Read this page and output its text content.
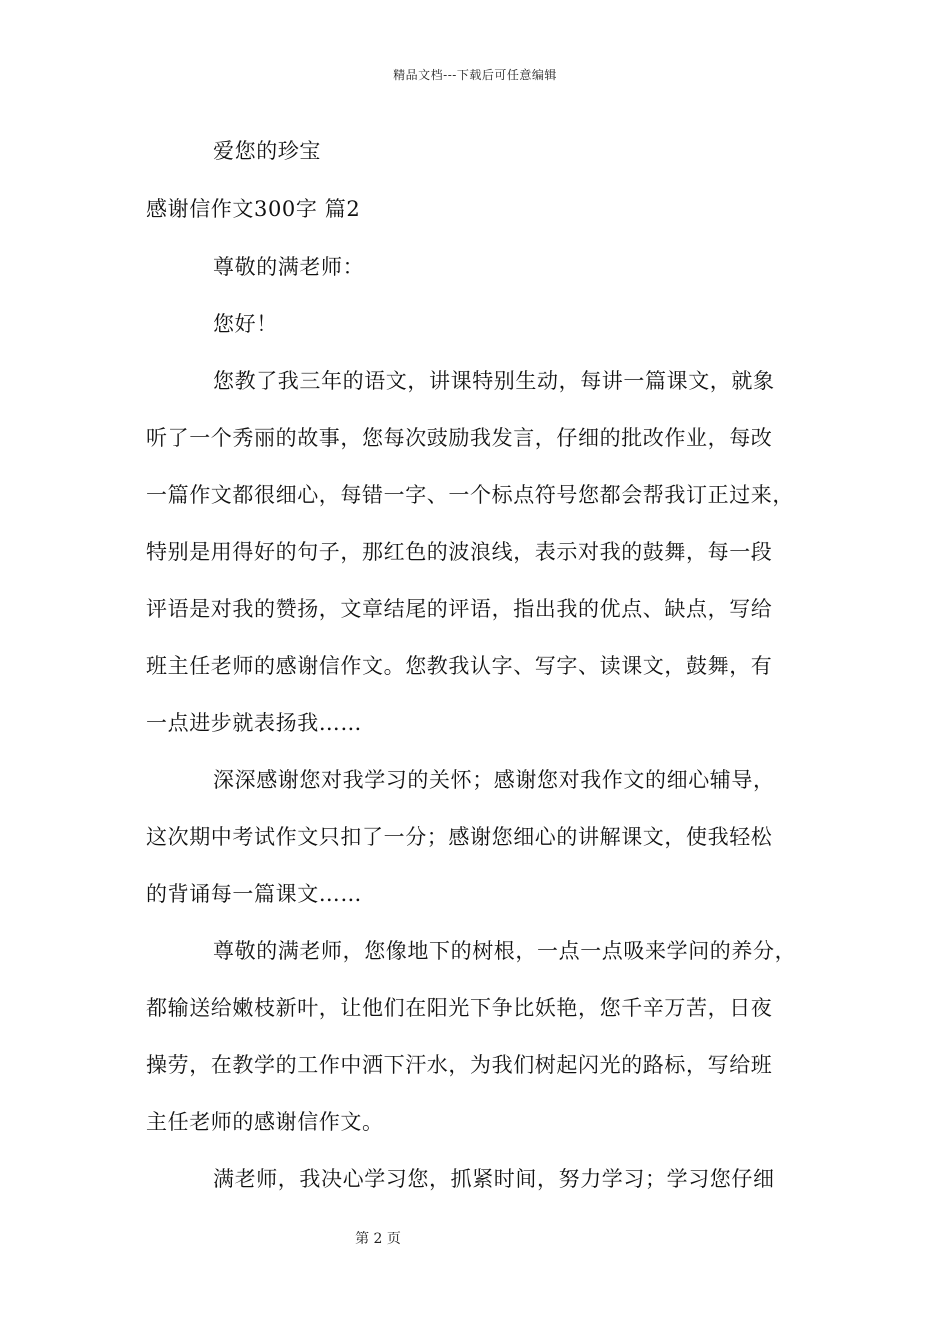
精品文档---下载后可任意编辑
爱您的珍宝
感谢信作文300字 篇2
尊敬的满老师：
您好！
您教了我三年的语文，讲课特别生动，每讲一篇课文，就象
听了一个秀丽的故事，您每次豉励我发言，仔细的批改作业，每改
一篇作文都很细心，每错一字、一个标点符号您都会帮我订正过来，
特别是用得好的句子，那红色的波浪线，表示对我的鼓舞，每一段
评语是对我的赞扬，文章结尾的评语，指出我的优点、缺点，写给
班主任老师的感谢信作文。您教我认字、写字、读课文，鼓舞，有
一点进步就表扬我……
深深感谢您对我学习的关怀；感谢您对我作文的细心辅导，
这次期中考试作文只扣了一分；感谢您细心的讲解课文，使我轻松
的背诵每一篇课文……
尊敬的满老师，您像地下的树根，一点一点吸来学问的养分，
都输送给嫩枝新叶，让他们在阳光下争比妖艳，您千辛万苦，日夜
操劳，在教学的工作中洒下汗水，为我们树起闪光的路标，写给班
主任老师的感谢信作文。
满老师，我决心学习您，抓紧时间，努力学习；学习您仔细
第 2 页
